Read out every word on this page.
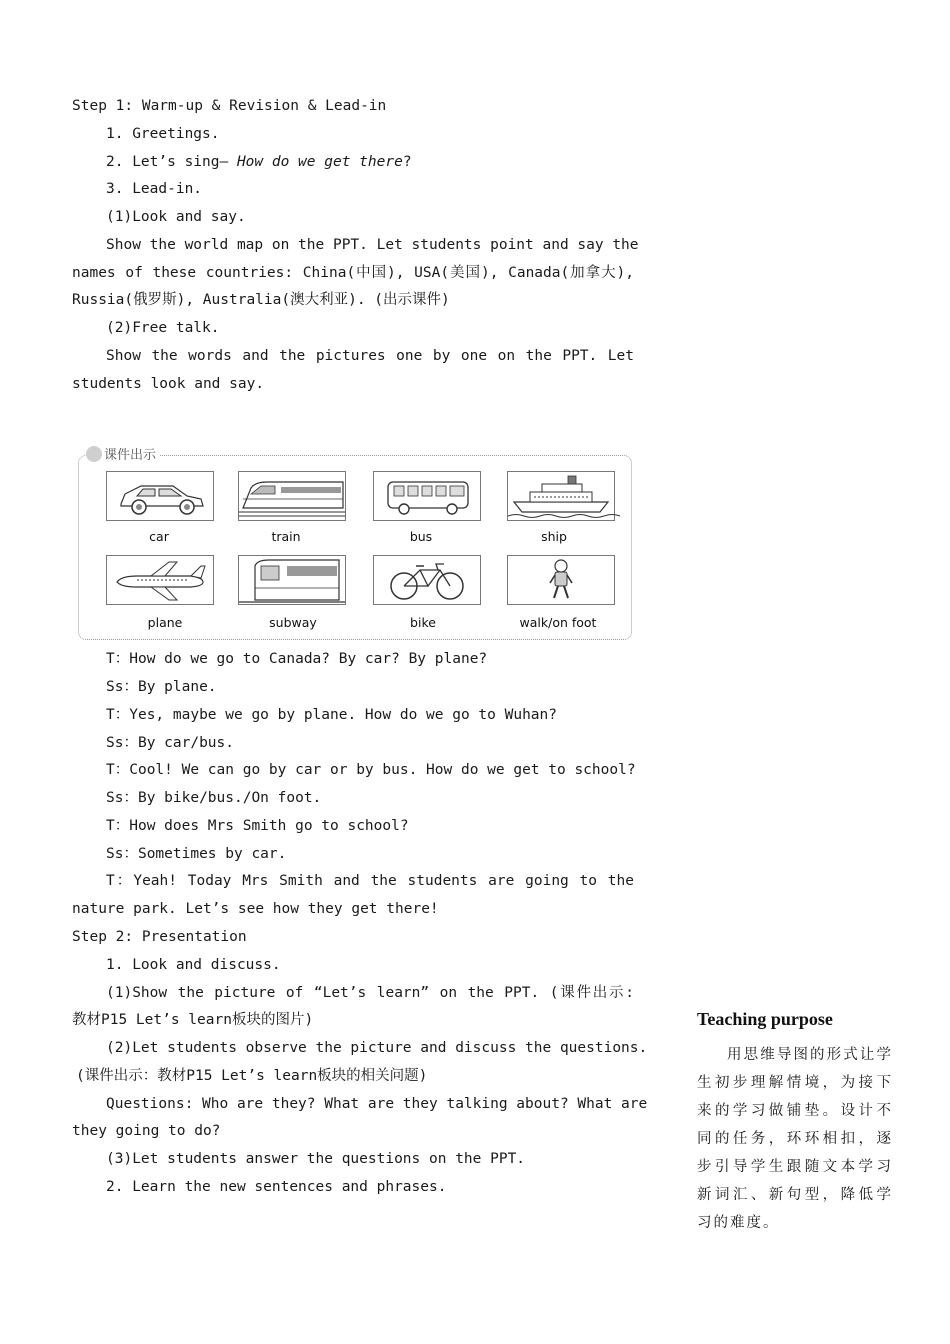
Step 1: Warm-up & Revision & Lead-in
1. Greetings.
2. Let’s sing— How do we get there?
3. Lead-in.
(1)Look and say.
Show the world map on the PPT. Let students point and say the
names of these countries: China(中国), USA(美国), Canada(加拿大),
Russia(俄罗斯), Australia(澳大利亚). (出示课件)
(2)Free talk.
Show the words and the pictures one by one on the PPT. Let
students look and say.
课件出示
car	train	bus	ship
plane	subway	bike	walk/on foot
T：How do we go to Canada? By car? By plane?
Ss：By plane.
T：Yes, maybe we go by plane. How do we go to Wuhan?
Ss：By car/bus.
T：Cool! We can go by car or by bus. How do we get to school?
Ss：By bike/bus./On foot.
T：How does Mrs Smith go to school?
Ss：Sometimes by car.
T：Yeah! Today Mrs Smith and the students are going to the
nature park. Let’s see how they get there!
Step 2: Presentation
1. Look and discuss.
(1)Show the picture of “Let’s learn” on the PPT. (课件出示:
教材P15 Let’s learn板块的图片)
(2)Let students observe the picture and discuss the questions.
(课件出示：教材P15 Let’s learn板块的相关问题)
Questions: Who are they? What are they talking about? What are
they going to do?
(3)Let students answer the questions on the PPT.
2. Learn the new sentences and phrases.
Teaching purpose
用思维导图的形式让学生初步理解情境，为接下来的学习做铺垫。设计不同的任务，环环相扣，逐步引导学生跟随文本学习新词汇、新句型，降低学习的难度。
